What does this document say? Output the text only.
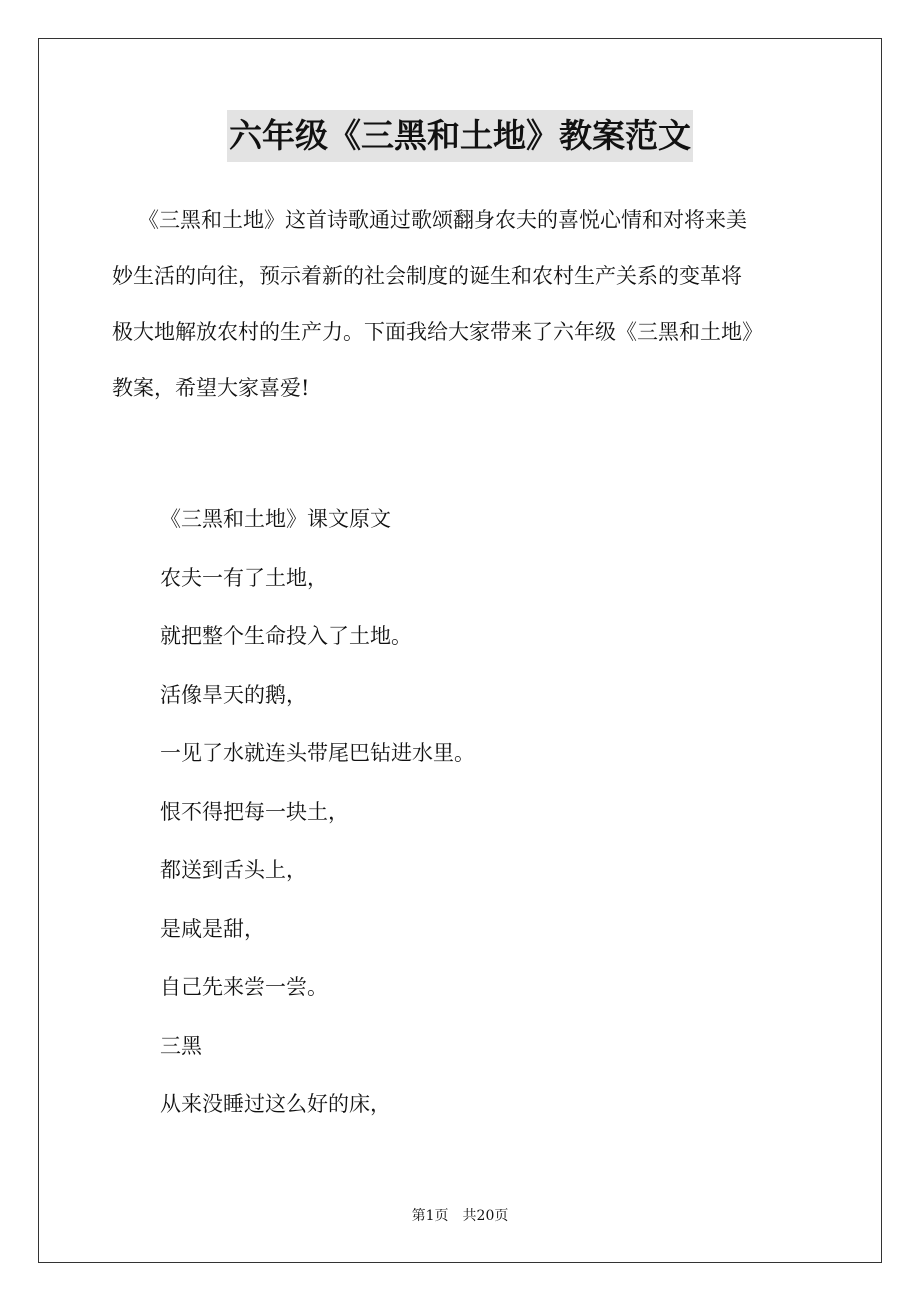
六年级《三黑和土地》教案范文
《三黑和土地》这首诗歌通过歌颂翻身农夫的喜悦心情和对将来美
妙生活的向往，预示着新的社会制度的诞生和农村生产关系的变革将
极大地解放农村的生产力。下面我给大家带来了六年级《三黑和土地》
教案，希望大家喜爱!
《三黑和土地》课文原文
农夫一有了土地，
就把整个生命投入了土地。
活像旱天的鹅，
一见了水就连头带尾巴钻进水里。
恨不得把每一块土，
都送到舌头上，
是咸是甜，
自己先来尝一尝。
三黑
从来没睡过这么好的床，
第1页 共20页
